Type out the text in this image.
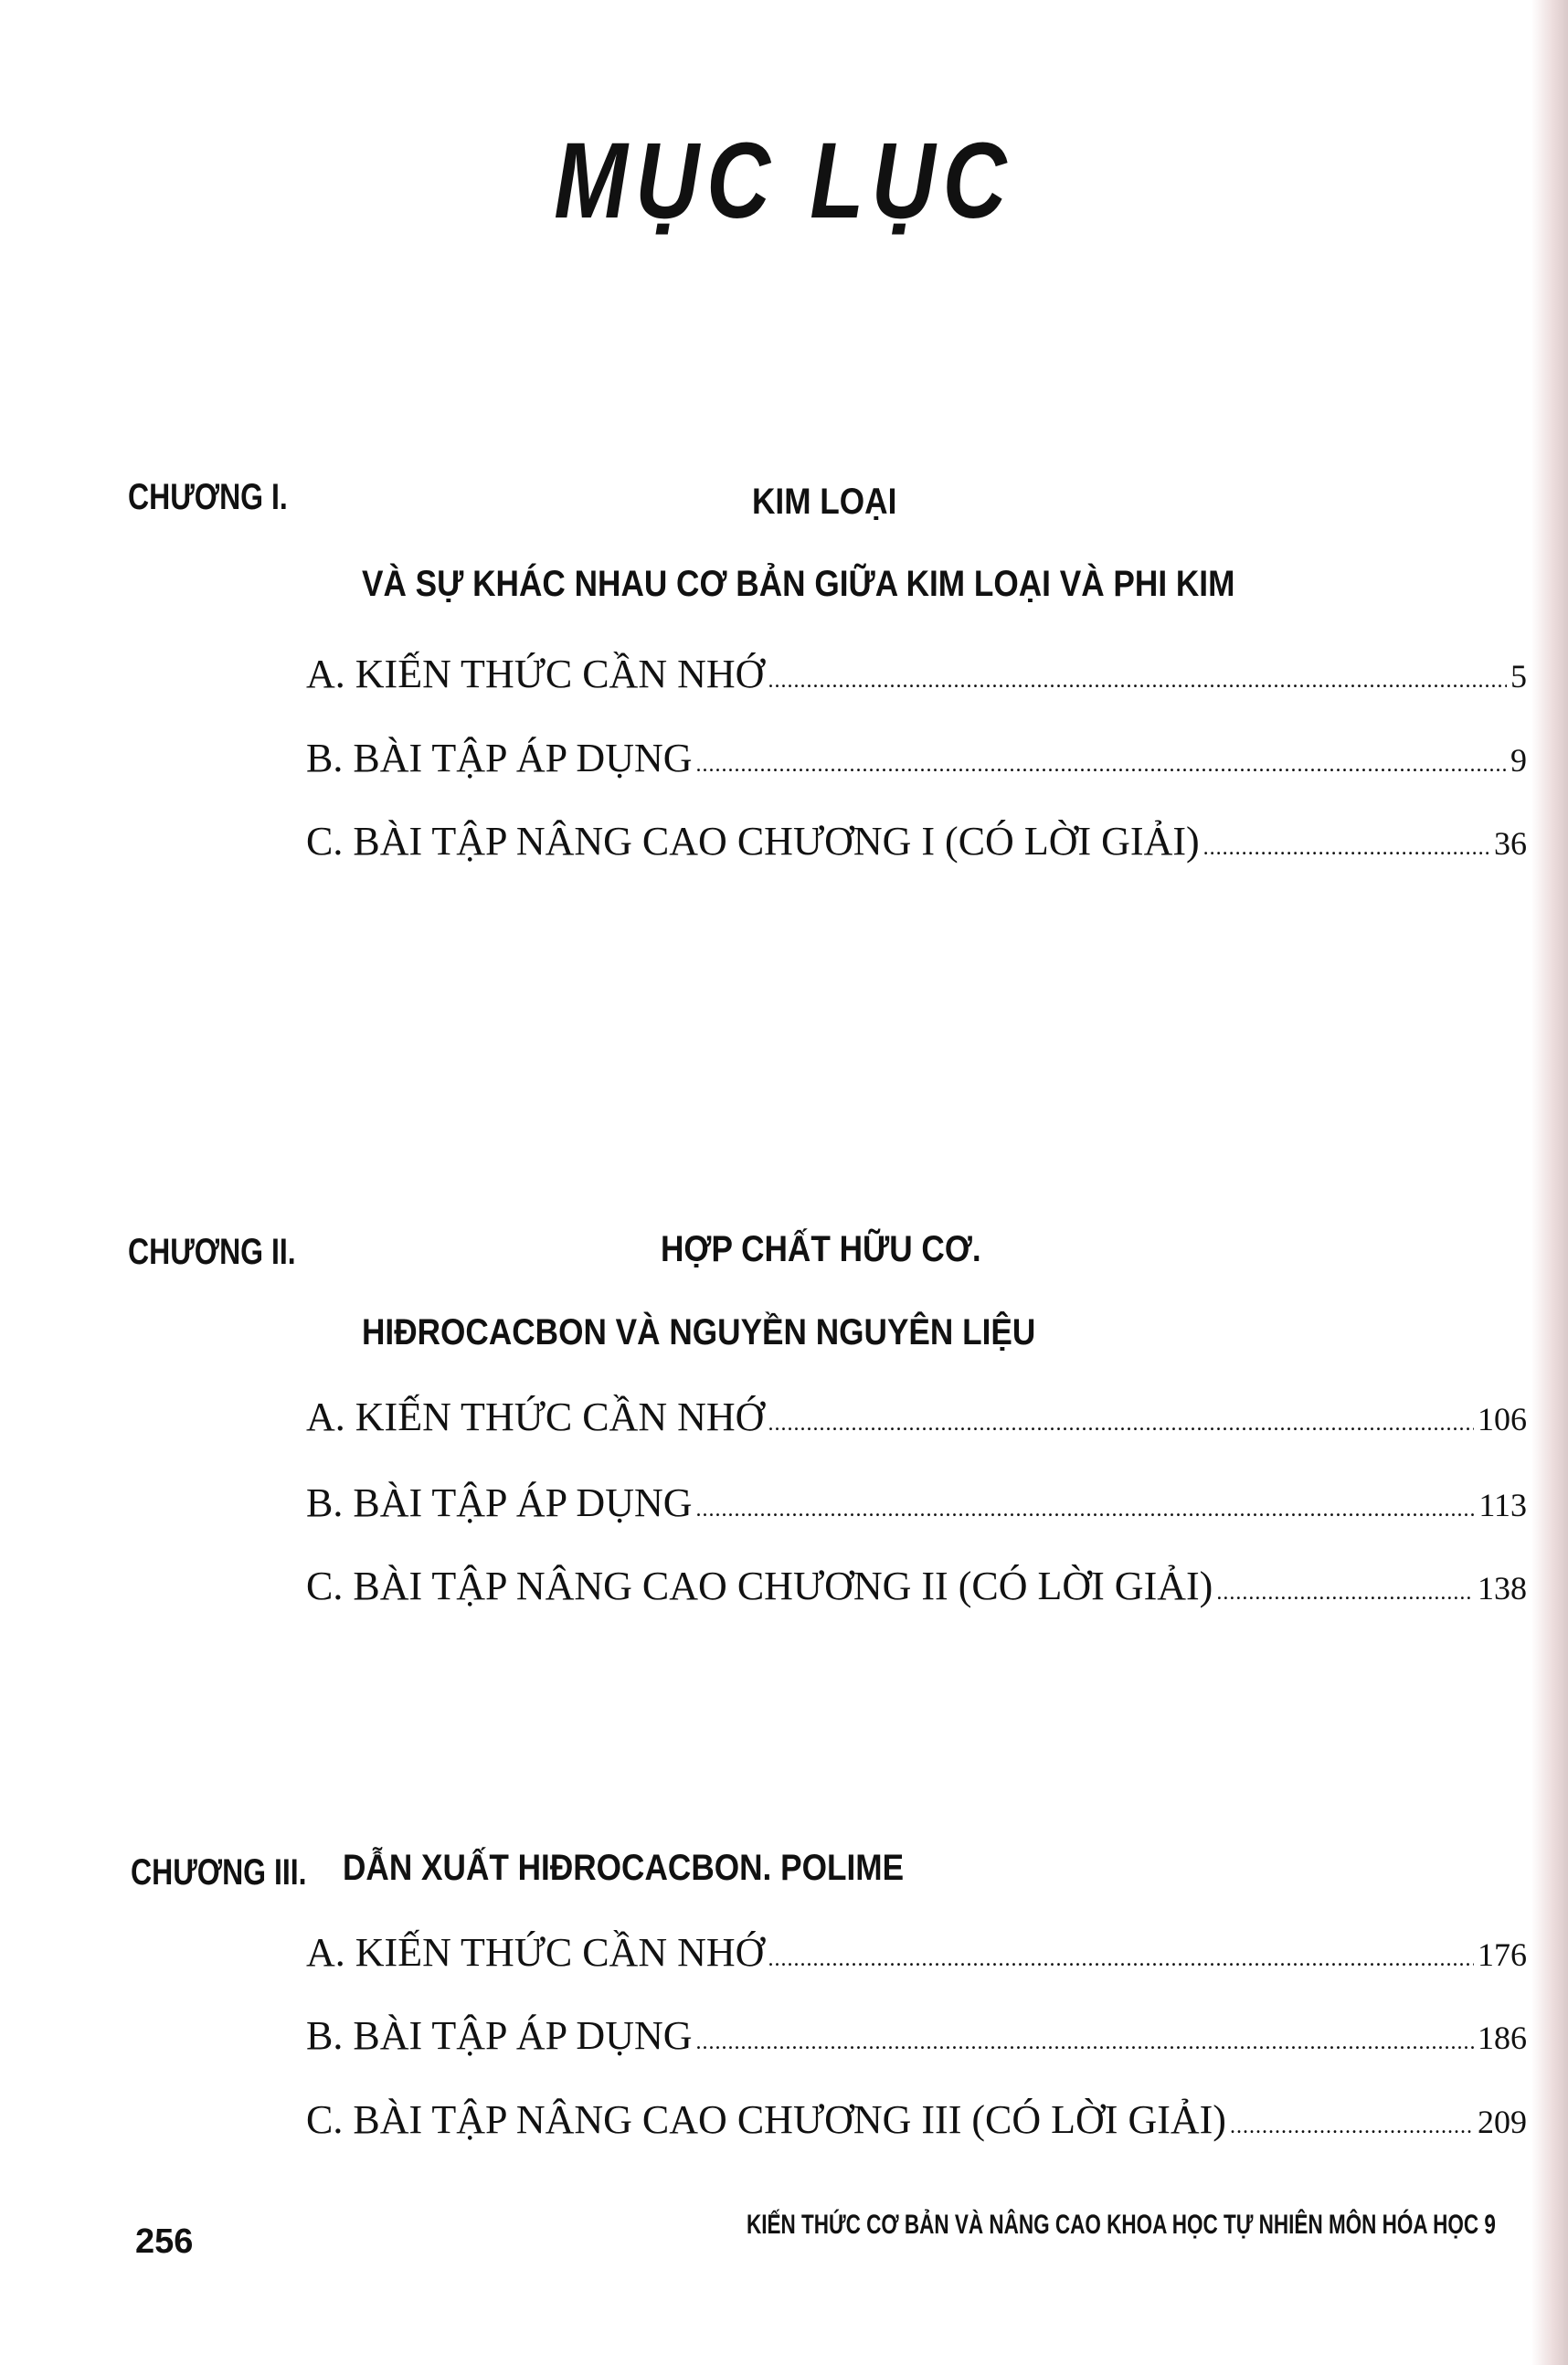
MỤC LỤC
CHƯƠNG I.	KIM LOẠI
VÀ SỰ KHÁC NHAU CƠ BẢN GIỮA KIM LOẠI VÀ PHI KIM
A. KIẾN THỨC CẦN NHỚ .....	5
B. BÀI TẬP ÁP DỤNG .....	9
C. BÀI TẬP NÂNG CAO CHƯƠNG I (CÓ LỜI GIẢI) .....	36
CHƯƠNG II.	HỢP CHẤT HỮU CƠ.
HIĐROCACBON VÀ NGUYỀN NGUYÊN LIỆU
A. KIẾN THỨC CẦN NHỚ .....	106
B. BÀI TẬP ÁP DỤNG .....	113
C. BÀI TẬP NÂNG CAO CHƯƠNG II (CÓ LỜI GIẢI) .....	138
CHƯƠNG III. DẪN XUẤT HIĐROCACBON. POLIME
A. KIẾN THỨC CẦN NHỚ .....	176
B. BÀI TẬP ÁP DỤNG .....	186
C. BÀI TẬP NÂNG CAO CHƯƠNG III (CÓ LỜI GIẢI) .....	209
256	KIẾN THỨC CƠ BẢN VÀ NÂNG CAO KHOA HỌC TỰ NHIÊN MÔN HÓA HỌC 9
